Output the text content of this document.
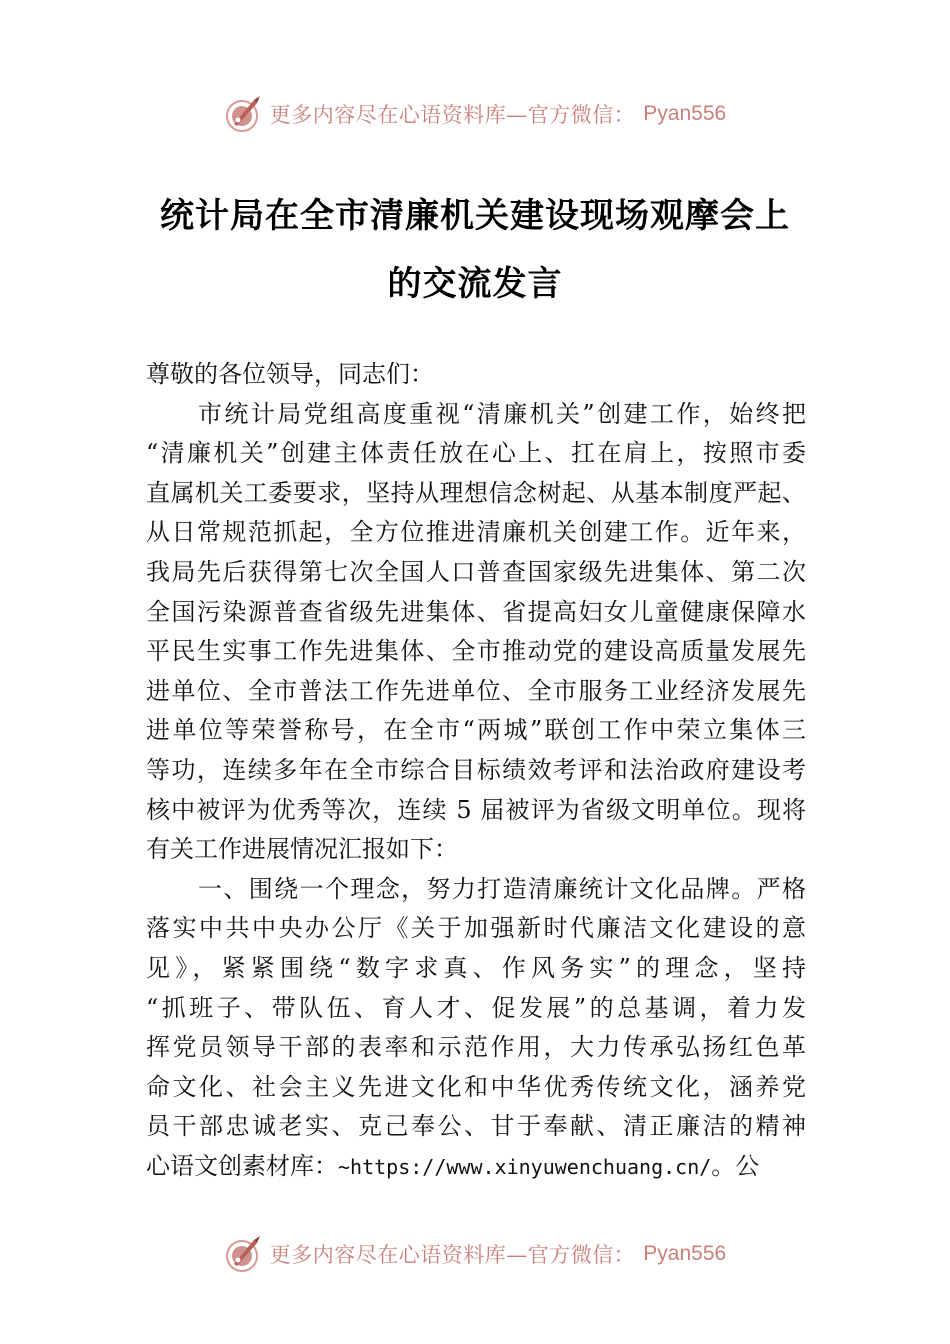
更多内容尽在心语资料库—官方微信： Pyan556
统计局在全市清廉机关建设现场观摩会上
的交流发言
尊敬的各位领导，同志们：
市统计局党组高度重视“清廉机关”创建工作，始终把
“清廉机关”创建主体责任放在心上、扛在肩上，按照市委
直属机关工委要求，坚持从理想信念树起、从基本制度严起、
从日常规范抓起，全方位推进清廉机关创建工作。近年来，
我局先后获得第七次全国人口普查国家级先进集体、第二次
全国污染源普查省级先进集体、省提高妇女儿童健康保障水
平民生实事工作先进集体、全市推动党的建设高质量发展先
进单位、全市普法工作先进单位、全市服务工业经济发展先
进单位等荣誉称号，在全市“两城”联创工作中荣立集体三
等功，连续多年在全市综合目标绩效考评和法治政府建设考
核中被评为优秀等次，连续 5 届被评为省级文明单位。现将
有关工作进展情况汇报如下：
一、围绕一个理念，努力打造清廉统计文化品牌。严格
落实中共中央办公厅《关于加强新时代廉洁文化建设的意
见》，紧紧围绕“数字求真、作风务实”的理念，坚持
“抓班子、带队伍、育人才、促发展”的总基调，着力发
挥党员领导干部的表率和示范作用，大力传承弘扬红色革
命文化、社会主义先进文化和中华优秀传统文化，涵养党
员干部忠诚老实、克己奉公、甘于奉献、清正廉洁的精神
心语文创素材库：~https://www.xinyuwenchuang.cn/。公
更多内容尽在心语资料库—官方微信： Pyan556
